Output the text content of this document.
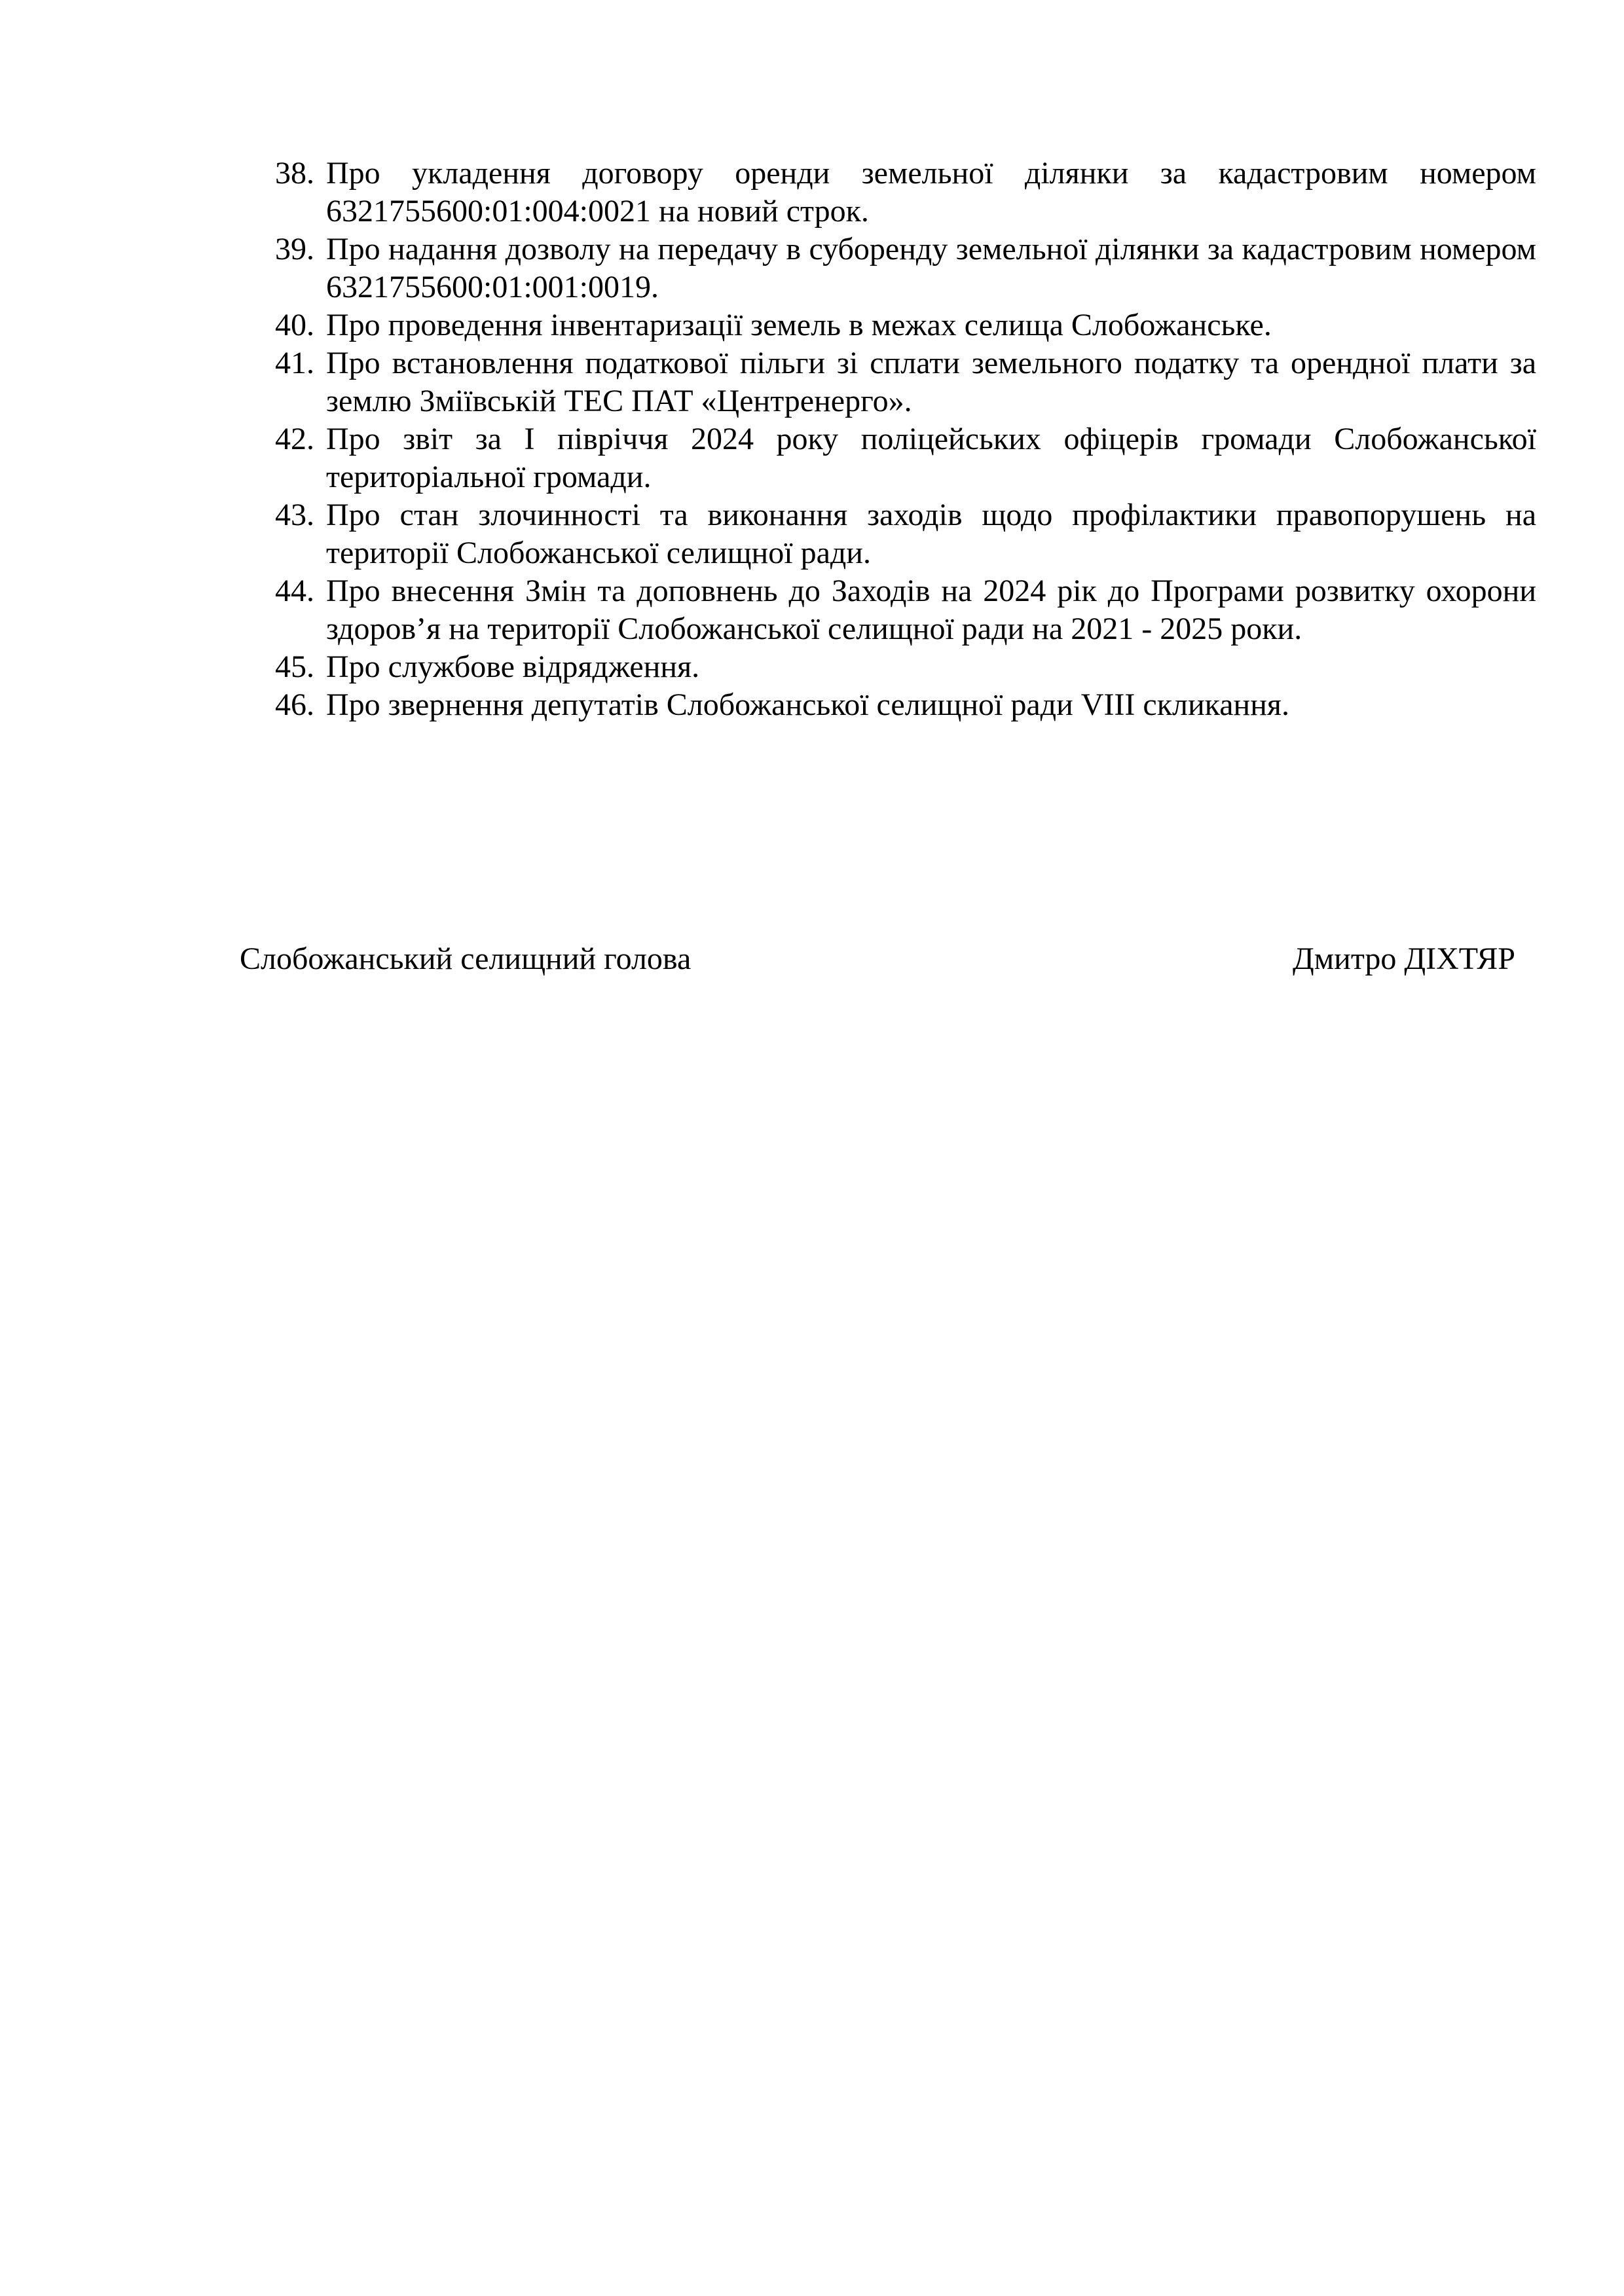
38. Про укладення договору оренди земельної ділянки за кадастровим номером 6321755600:01:004:0021 на новий строк.
39. Про надання дозволу на передачу в суборенду земельної ділянки за кадастровим номером 6321755600:01:001:0019.
40. Про проведення інвентаризації земель в межах селища Слобожанське.
41. Про встановлення податкової пільги зі сплати земельного податку та орендної плати за землю Зміївській ТЕС ПАТ «Центренерго».
42. Про звіт за І півріччя 2024 року поліцейських офіцерів громади Слобожанської територіальної громади.
43. Про стан злочинності та виконання заходів щодо профілактики правопорушень на території Слобожанської селищної ради.
44. Про внесення Змін та доповнень до Заходів на 2024 рік до Програми розвитку охорони здоров’я на території Слобожанської селищної ради на 2021 - 2025 роки.
45. Про службове відрядження.
46. Про звернення депутатів Слобожанської селищної ради VIII скликання.
Слобожанський селищний голова	Дмитро ДІХТЯР
